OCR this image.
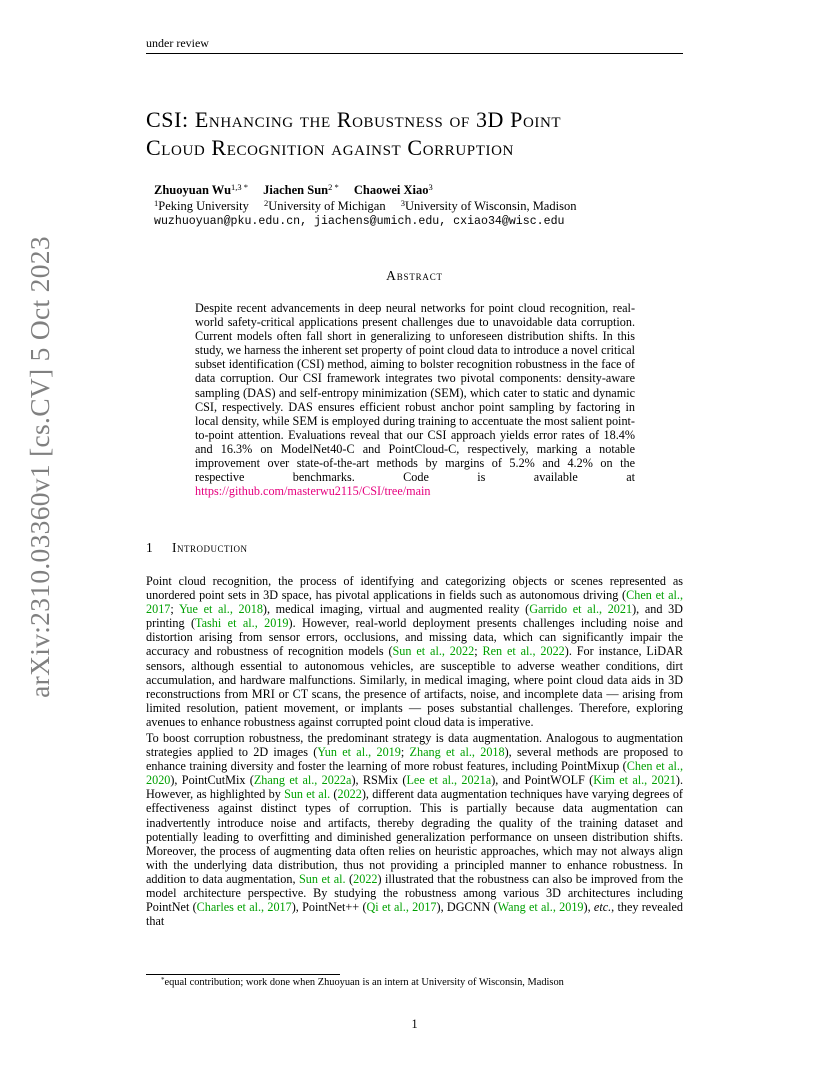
under review
arXiv:2310.03360v1 [cs.CV] 5 Oct 2023
CSI: Enhancing the Robustness of 3D Point
Cloud Recognition against Corruption
Zhuoyuan $Wu^{1,3 *}$ Jiachen Sun$^{2 *}$ Chaowei Xiao$^3$
$^1$Peking University $^2$University of Michigan $^3$University of Wisconsin, Madison
wuzhuoyuan@pku.edu.cn, jiachens@umich.edu, cxiao34@wisc.edu
Abstract
Despite recent advancements in deep neural networks for point cloud recognition, real-world safety-critical applications present challenges due to unavoidable data corruption. Current models often fall short in generalizing to unforeseen distribution shifts. In this study, we harness the inherent set property of point cloud data to introduce a novel critical subset identification (CSI) method, aiming to bolster recognition robustness in the face of data corruption. Our CSI framework integrates two pivotal components: density-aware sampling (DAS) and self-entropy minimization (SEM), which cater to static and dynamic CSI, respectively. DAS ensures efficient robust anchor point sampling by factoring in local density, while SEM is employed during training to accentuate the most salient point-to-point attention. Evaluations reveal that our CSI approach yields error rates of 18.4% and 16.3% on ModelNet40-C and PointCloud-C, respectively, marking a notable improvement over state-of-the-art methods by margins of 5.2% and 4.2% on the respective benchmarks. Code is available at https://github.com/masterwu2115/CSI/tree/main
1 Introduction
Point cloud recognition, the process of identifying and categorizing objects or scenes represented as unordered point sets in 3D space, has pivotal applications in fields such as autonomous driving (Chen et al., 2017; Yue et al., 2018), medical imaging, virtual and augmented reality (Garrido et al., 2021), and 3D printing (Tashi et al., 2019). However, real-world deployment presents challenges including noise and distortion arising from sensor errors, occlusions, and missing data, which can significantly impair the accuracy and robustness of recognition models (Sun et al., 2022; Ren et al., 2022). For instance, LiDAR sensors, although essential to autonomous vehicles, are susceptible to adverse weather conditions, dirt accumulation, and hardware malfunctions. Similarly, in medical imaging, where point cloud data aids in 3D reconstructions from MRI or CT scans, the presence of artifacts, noise, and incomplete data — arising from limited resolution, patient movement, or implants — poses substantial challenges. Therefore, exploring avenues to enhance robustness against corrupted point cloud data is imperative.
To boost corruption robustness, the predominant strategy is data augmentation. Analogous to augmentation strategies applied to 2D images (Yun et al., 2019; Zhang et al., 2018), several methods are proposed to enhance training diversity and foster the learning of more robust features, including PointMixup (Chen et al., 2020), PointCutMix (Zhang et al., 2022a), RSMix (Lee et al., 2021a), and PointWOLF (Kim et al., 2021). However, as highlighted by Sun et al. (2022), different data augmentation techniques have varying degrees of effectiveness against distinct types of corruption. This is partially because data augmentation can inadvertently introduce noise and artifacts, thereby degrading the quality of the training dataset and potentially leading to overfitting and diminished generalization performance on unseen distribution shifts. Moreover, the process of augmenting data often relies on heuristic approaches, which may not always align with the underlying data distribution, thus not providing a principled manner to enhance robustness. In addition to data augmentation, Sun et al. (2022) illustrated that the robustness can also be improved from the model architecture perspective. By studying the robustness among various 3D architectures including PointNet (Charles et al., 2017), PointNet++ (Qi et al., 2017), DGCNN (Wang et al., 2019), etc., they revealed that
*equal contribution; work done when Zhuoyuan is an intern at University of Wisconsin, Madison
1
